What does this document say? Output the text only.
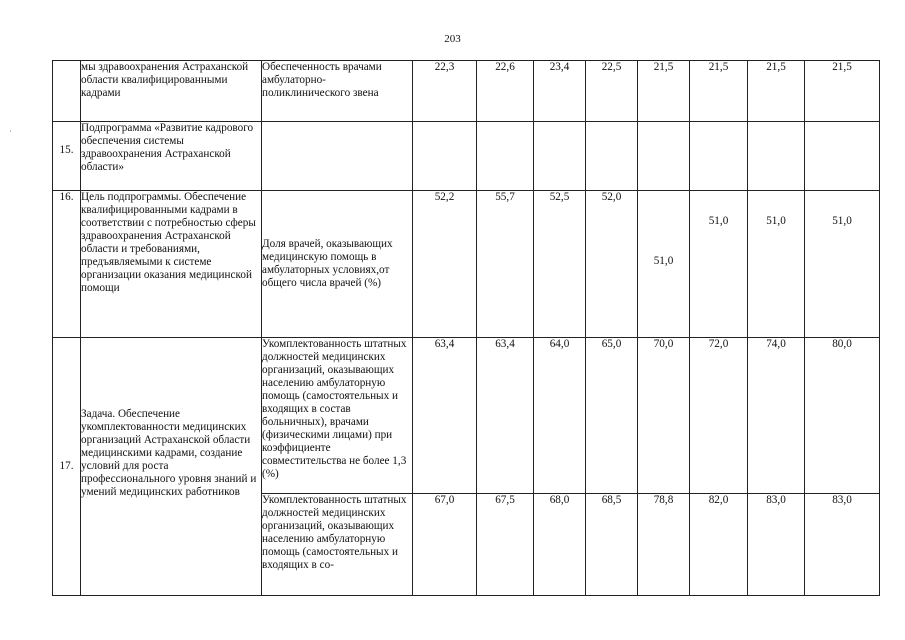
203
·
	мы здравоохранения Астраханской области квалифицированными кадрами	Обеспеченность врачами амбулаторно-поликлинического звена	22,3	22,6	23,4	22,5	21,5	21,5	21,5	21,5

15.	Подпрограмма «Развитие кадрового обеспечения системы здравоохранения Астраханской области»									
16.	Цель подпрограммы. Обеспечение квалифицированными кадрами в соответствии с потребностью сферы здравоохранения Астраханской области и требованиями, предъявляемыми к системе организации оказания медицинской помощи	Доля врачей, оказывающих медицинскую помощь в амбулаторных условиях,от общего числа врачей (%)	52,2	55,7	52,5	52,0	51,0	51,0	51,0	51,0
17.	Задача. Обеспечение укомплектованности медицинских организаций Астраханской области медицинскими кадрами, создание условий для роста профессионального уровня знаний и умений медицинских работников	Укомплектованность штатных должностей медицинских организаций, оказывающих населению амбулаторную помощь (самостоятельных и входящих в состав больничных), врачами (физическими лицами) при коэффициенте совместительства не более 1,3 (%)	63,4	63,4	64,0	65,0	70,0	72,0	74,0	80,0

		Укомплектованность штатных должностей медицинских организаций, оказывающих населению амбулаторную помощь (самостоятельных и входящих в со-	67,0	67,5	68,0	68,5	78,8	82,0	83,0	83,0
